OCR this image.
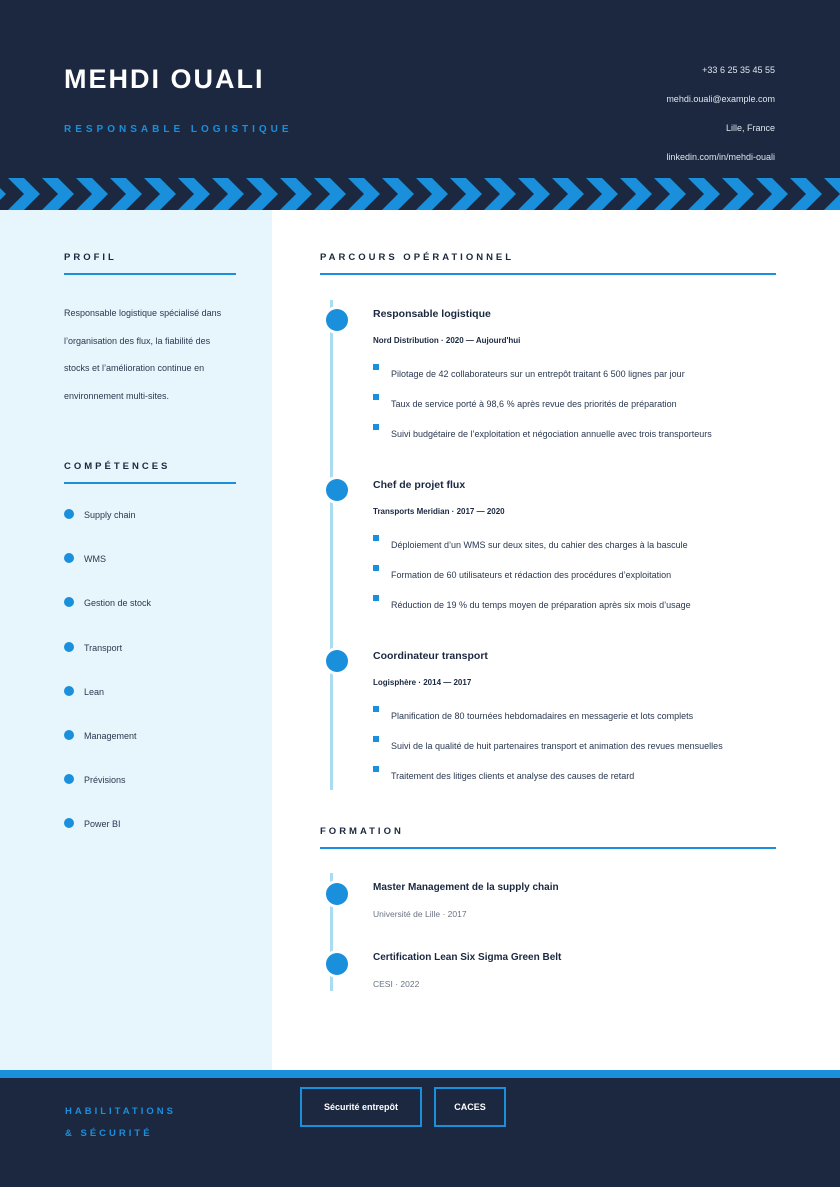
MEHDI OUALI
RESPONSABLE LOGISTIQUE
+33 6 25 35 45 55
mehdi.ouali@example.com
Lille, France
linkedin.com/in/mehdi-ouali
PROFIL
Responsable logistique spécialisé dans
l’organisation des flux, la fiabilité des
stocks et l’amélioration continue en
environnement multi-sites.
COMPÉTENCES
Supply chain
WMS
Gestion de stock
Transport
Lean
Management
Prévisions
Power BI
PARCOURS OPÉRATIONNEL
Responsable logistique
Nord Distribution · 2020 — Aujourd'hui
Pilotage de 42 collaborateurs sur un entrepôt traitant 6 500 lignes par jour
Taux de service porté à 98,6 % après revue des priorités de préparation
Suivi budgétaire de l’exploitation et négociation annuelle avec trois transporteurs
Chef de projet flux
Transports Meridian · 2017 — 2020
Déploiement d’un WMS sur deux sites, du cahier des charges à la bascule
Formation de 60 utilisateurs et rédaction des procédures d’exploitation
Réduction de 19 % du temps moyen de préparation après six mois d’usage
Coordinateur transport
Logisphère · 2014 — 2017
Planification de 80 tournées hebdomadaires en messagerie et lots complets
Suivi de la qualité de huit partenaires transport et animation des revues mensuelles
Traitement des litiges clients et analyse des causes de retard
FORMATION
Master Management de la supply chain
Université de Lille · 2017
Certification Lean Six Sigma Green Belt
CESI · 2022
HABILITATIONS
& SÉCURITÉ
Sécurité entrepôt	CACES
